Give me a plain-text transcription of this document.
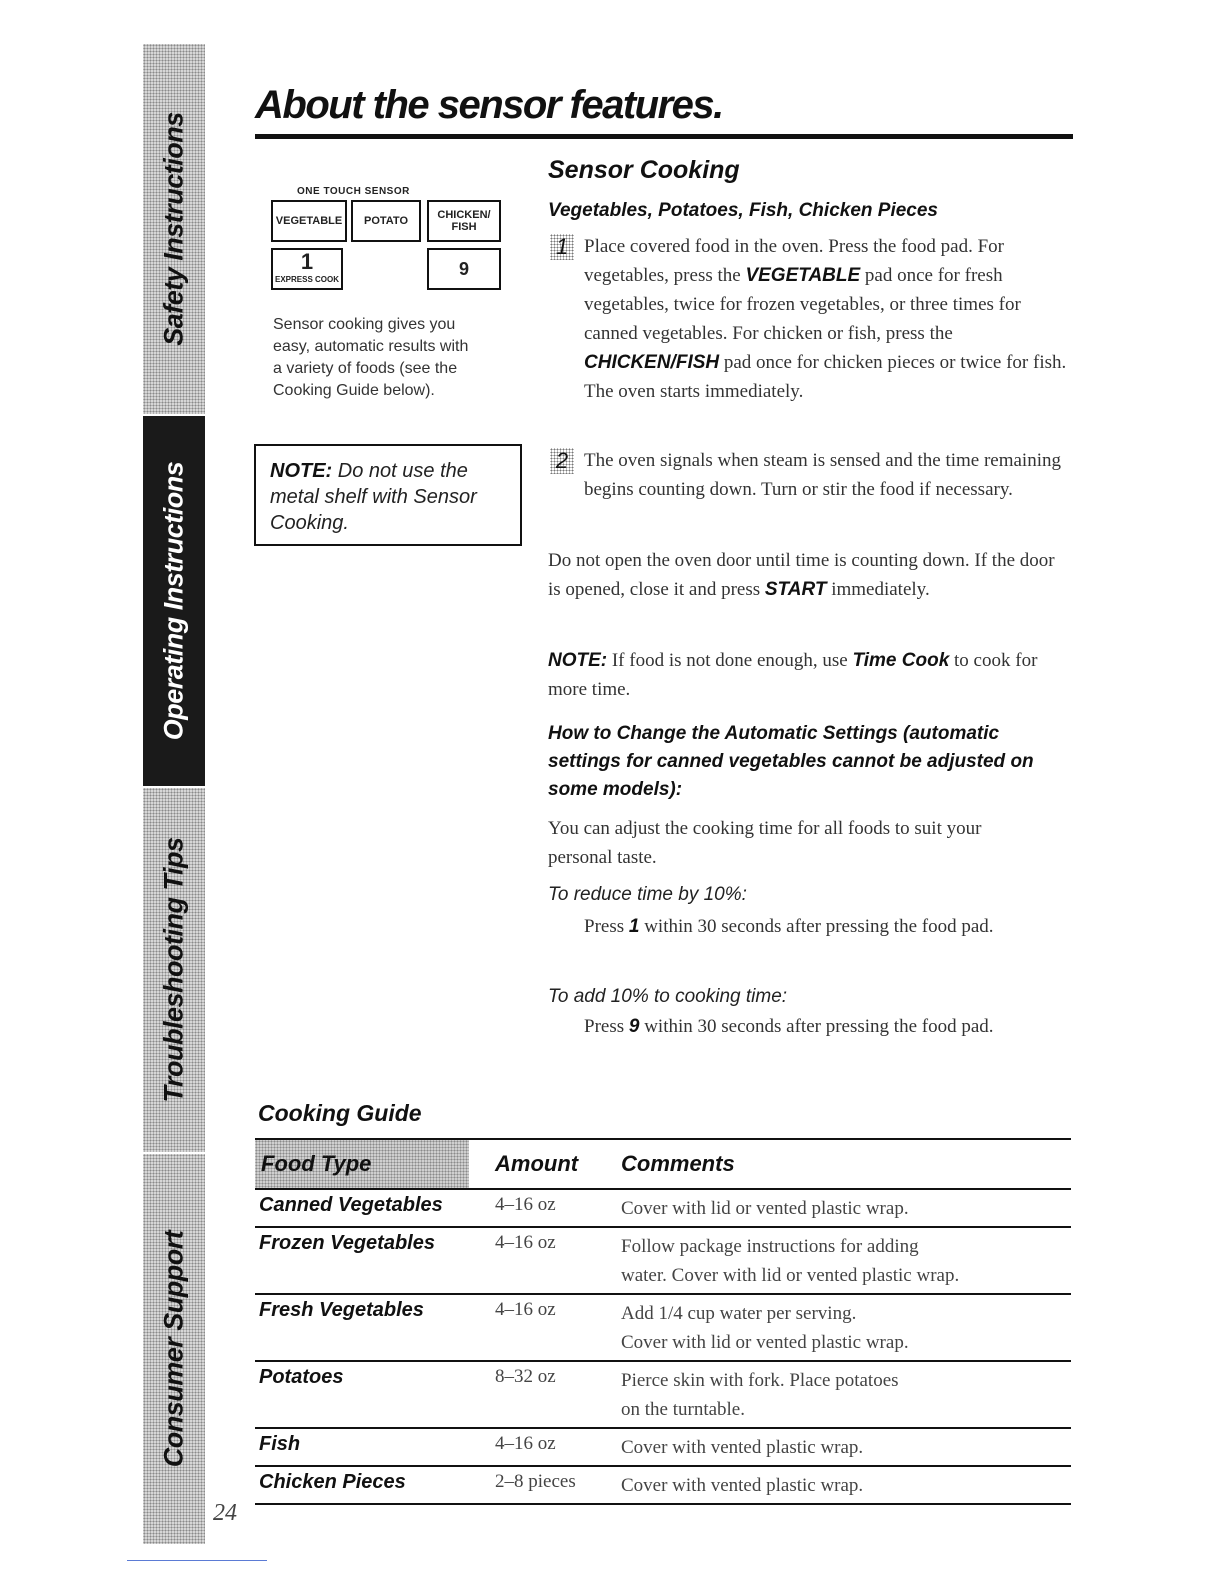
Safety Instructions
Operating Instructions
Troubleshooting Tips
Consumer Support
24
About the sensor features.
ONE TOUCH SENSOR
VEGETABLE	POTATO	CHICKEN/
FISH
1
EXPRESS COOK
9
Sensor cooking gives you
easy, automatic results with
a variety of foods (see the
Cooking Guide below).
NOTE: Do not use the
metal shelf with Sensor
Cooking.
Sensor Cooking
Vegetables, Potatoes, Fish, Chicken Pieces
1 Place covered food in the oven. Press the food pad. For vegetables, press the VEGETABLE pad once for fresh vegetables, twice for frozen vegetables, or three times for canned vegetables. For chicken or fish, press the CHICKEN/FISH pad once for chicken pieces or twice for fish. The oven starts immediately.
2 The oven signals when steam is sensed and the time remaining begins counting down. Turn or stir the food if necessary.
Do not open the oven door until time is counting down. If the door is opened, close it and press START immediately.
NOTE: If food is not done enough, use Time Cook to cook for more time.
How to Change the Automatic Settings (automatic settings for canned vegetables cannot be adjusted on some models):
You can adjust the cooking time for all foods to suit your personal taste.
To reduce time by 10%:
Press 1 within 30 seconds after pressing the food pad.
To add 10% to cooking time:
Press 9 within 30 seconds after pressing the food pad.
Cooking Guide
Food Type	Amount	Comments
Canned Vegetables	4–16 oz	Cover with lid or vented plastic wrap.

Frozen Vegetables	4–16 oz	Follow package instructions for adding
water. Cover with lid or vented plastic wrap.

Fresh Vegetables	4–16 oz	Add 1/4 cup water per serving.
Cover with lid or vented plastic wrap.

Potatoes	8–32 oz	Pierce skin with fork. Place potatoes
on the turntable.

Fish	4–16 oz	Cover with vented plastic wrap.

Chicken Pieces	2–8 pieces	Cover with vented plastic wrap.
